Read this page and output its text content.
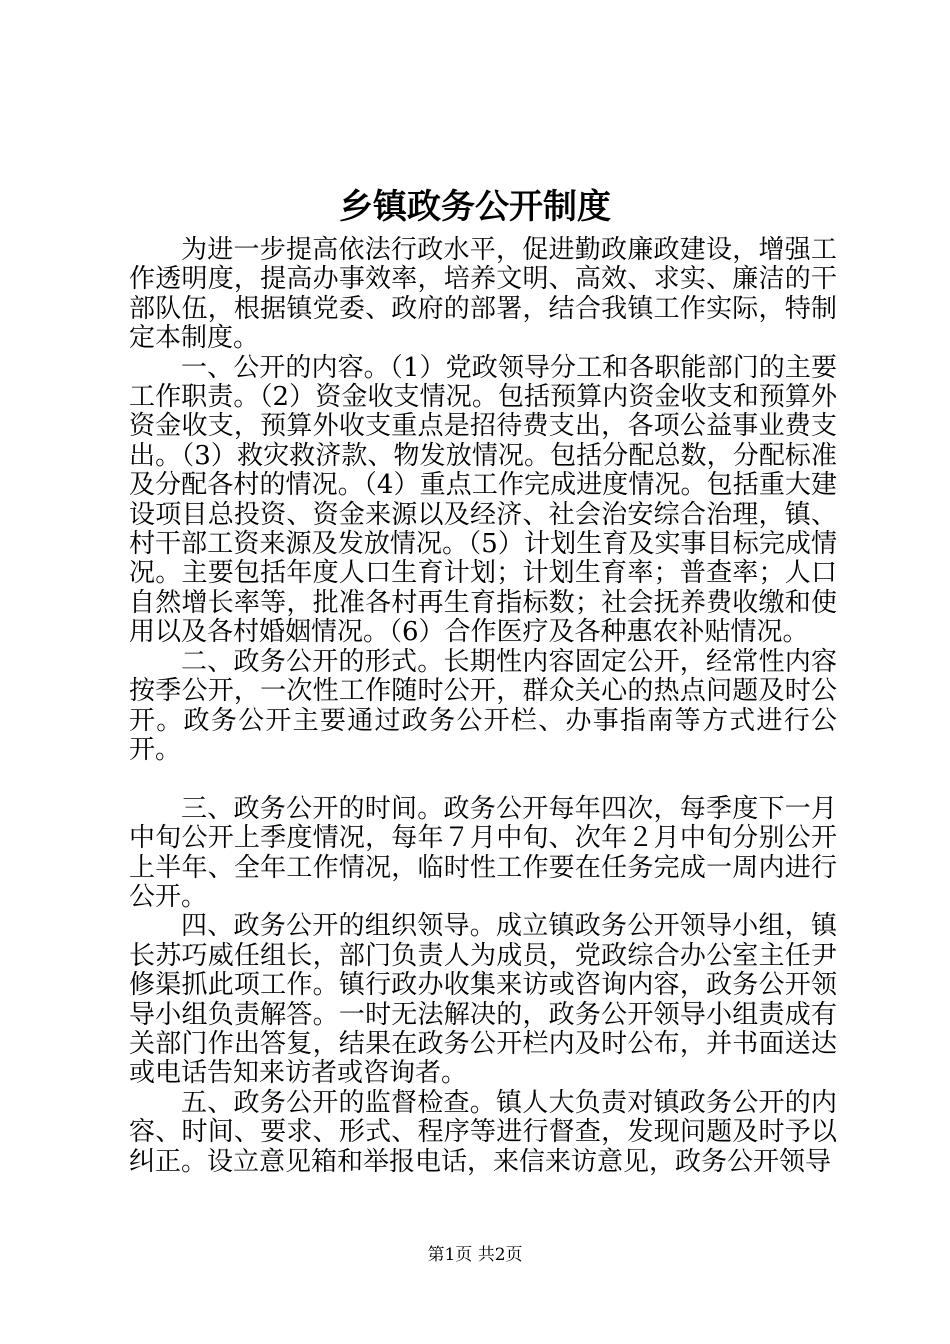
乡镇政务公开制度

为进一步提高依法行政水平，促进勤政廉政建设，增强工作透明度，提高办事效率，培养文明、高效、求实、廉洁的干部队伍，根据镇党委、政府的部署，结合我镇工作实际，特制定本制度。

一、公开的内容。（1）党政领导分工和各职能部门的主要工作职责。（2）资金收支情况。包括预算内资金收支和预算外资金收支，预算外收支重点是招待费支出，各项公益事业费支出。（3）救灾救济款、物发放情况。包括分配总数，分配标准及分配各村的情况。（4）重点工作完成进度情况。包括重大建设项目总投资、资金来源以及经济、社会治安综合治理，镇、村干部工资来源及发放情况。（5）计划生育及实事目标完成情况。主要包括年度人口生育计划；计划生育率；普查率；人口自然增长率等，批准各村再生育指标数；社会抚养费收缴和使用以及各村婚姻情况。（6）合作医疗及各种惠农补贴情况。

二、政务公开的形式。长期性内容固定公开，经常性内容按季公开，一次性工作随时公开，群众关心的热点问题及时公开。政务公开主要通过政务公开栏、办事指南等方式进行公开。

三、政务公开的时间。政务公开每年四次，每季度下一月中旬公开上季度情况，每年７月中旬、次年２月中旬分别公开上半年、全年工作情况，临时性工作要在任务完成一周内进行公开。

四、政务公开的组织领导。成立镇政务公开领导小组，镇长苏巧威任组长，部门负责人为成员，党政综合办公室主任尹修渠抓此项工作。镇行政办收集来访或咨询内容，政务公开领导小组负责解答。一时无法解决的，政务公开领导小组责成有关部门作出答复，结果在政务公开栏内及时公布，并书面送达或电话告知来访者或咨询者。

五、政务公开的监督检查。镇人大负责对镇政务公开的内容、时间、要求、形式、程序等进行督查，发现问题及时予以纠正。设立意见箱和举报电话，来信来访意见，政务公开领导

第1页 共2页
